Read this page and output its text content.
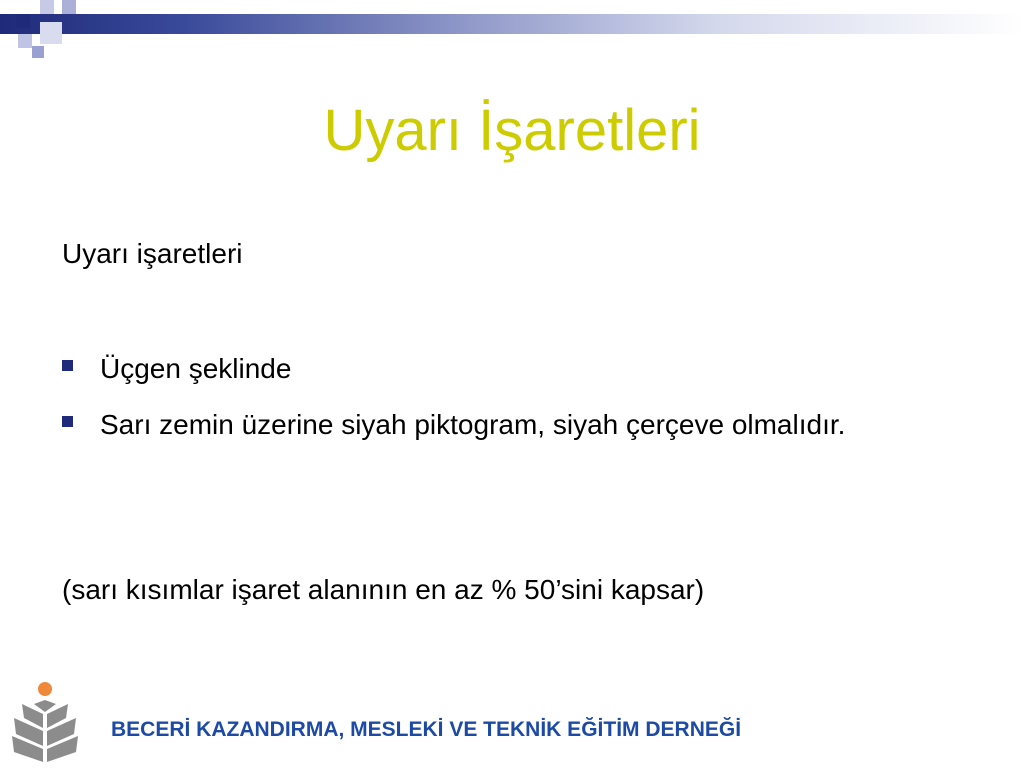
Uyarı İşaretleri
Uyarı işaretleri
Üçgen şeklinde
Sarı zemin üzerine siyah piktogram, siyah çerçeve olmalıdır.
(sarı kısımlar işaret alanının en az % 50’sini kapsar)
BECERİ KAZANDIRMA, MESLEKİ VE TEKNİK EĞİTİM DERNEĞİ
